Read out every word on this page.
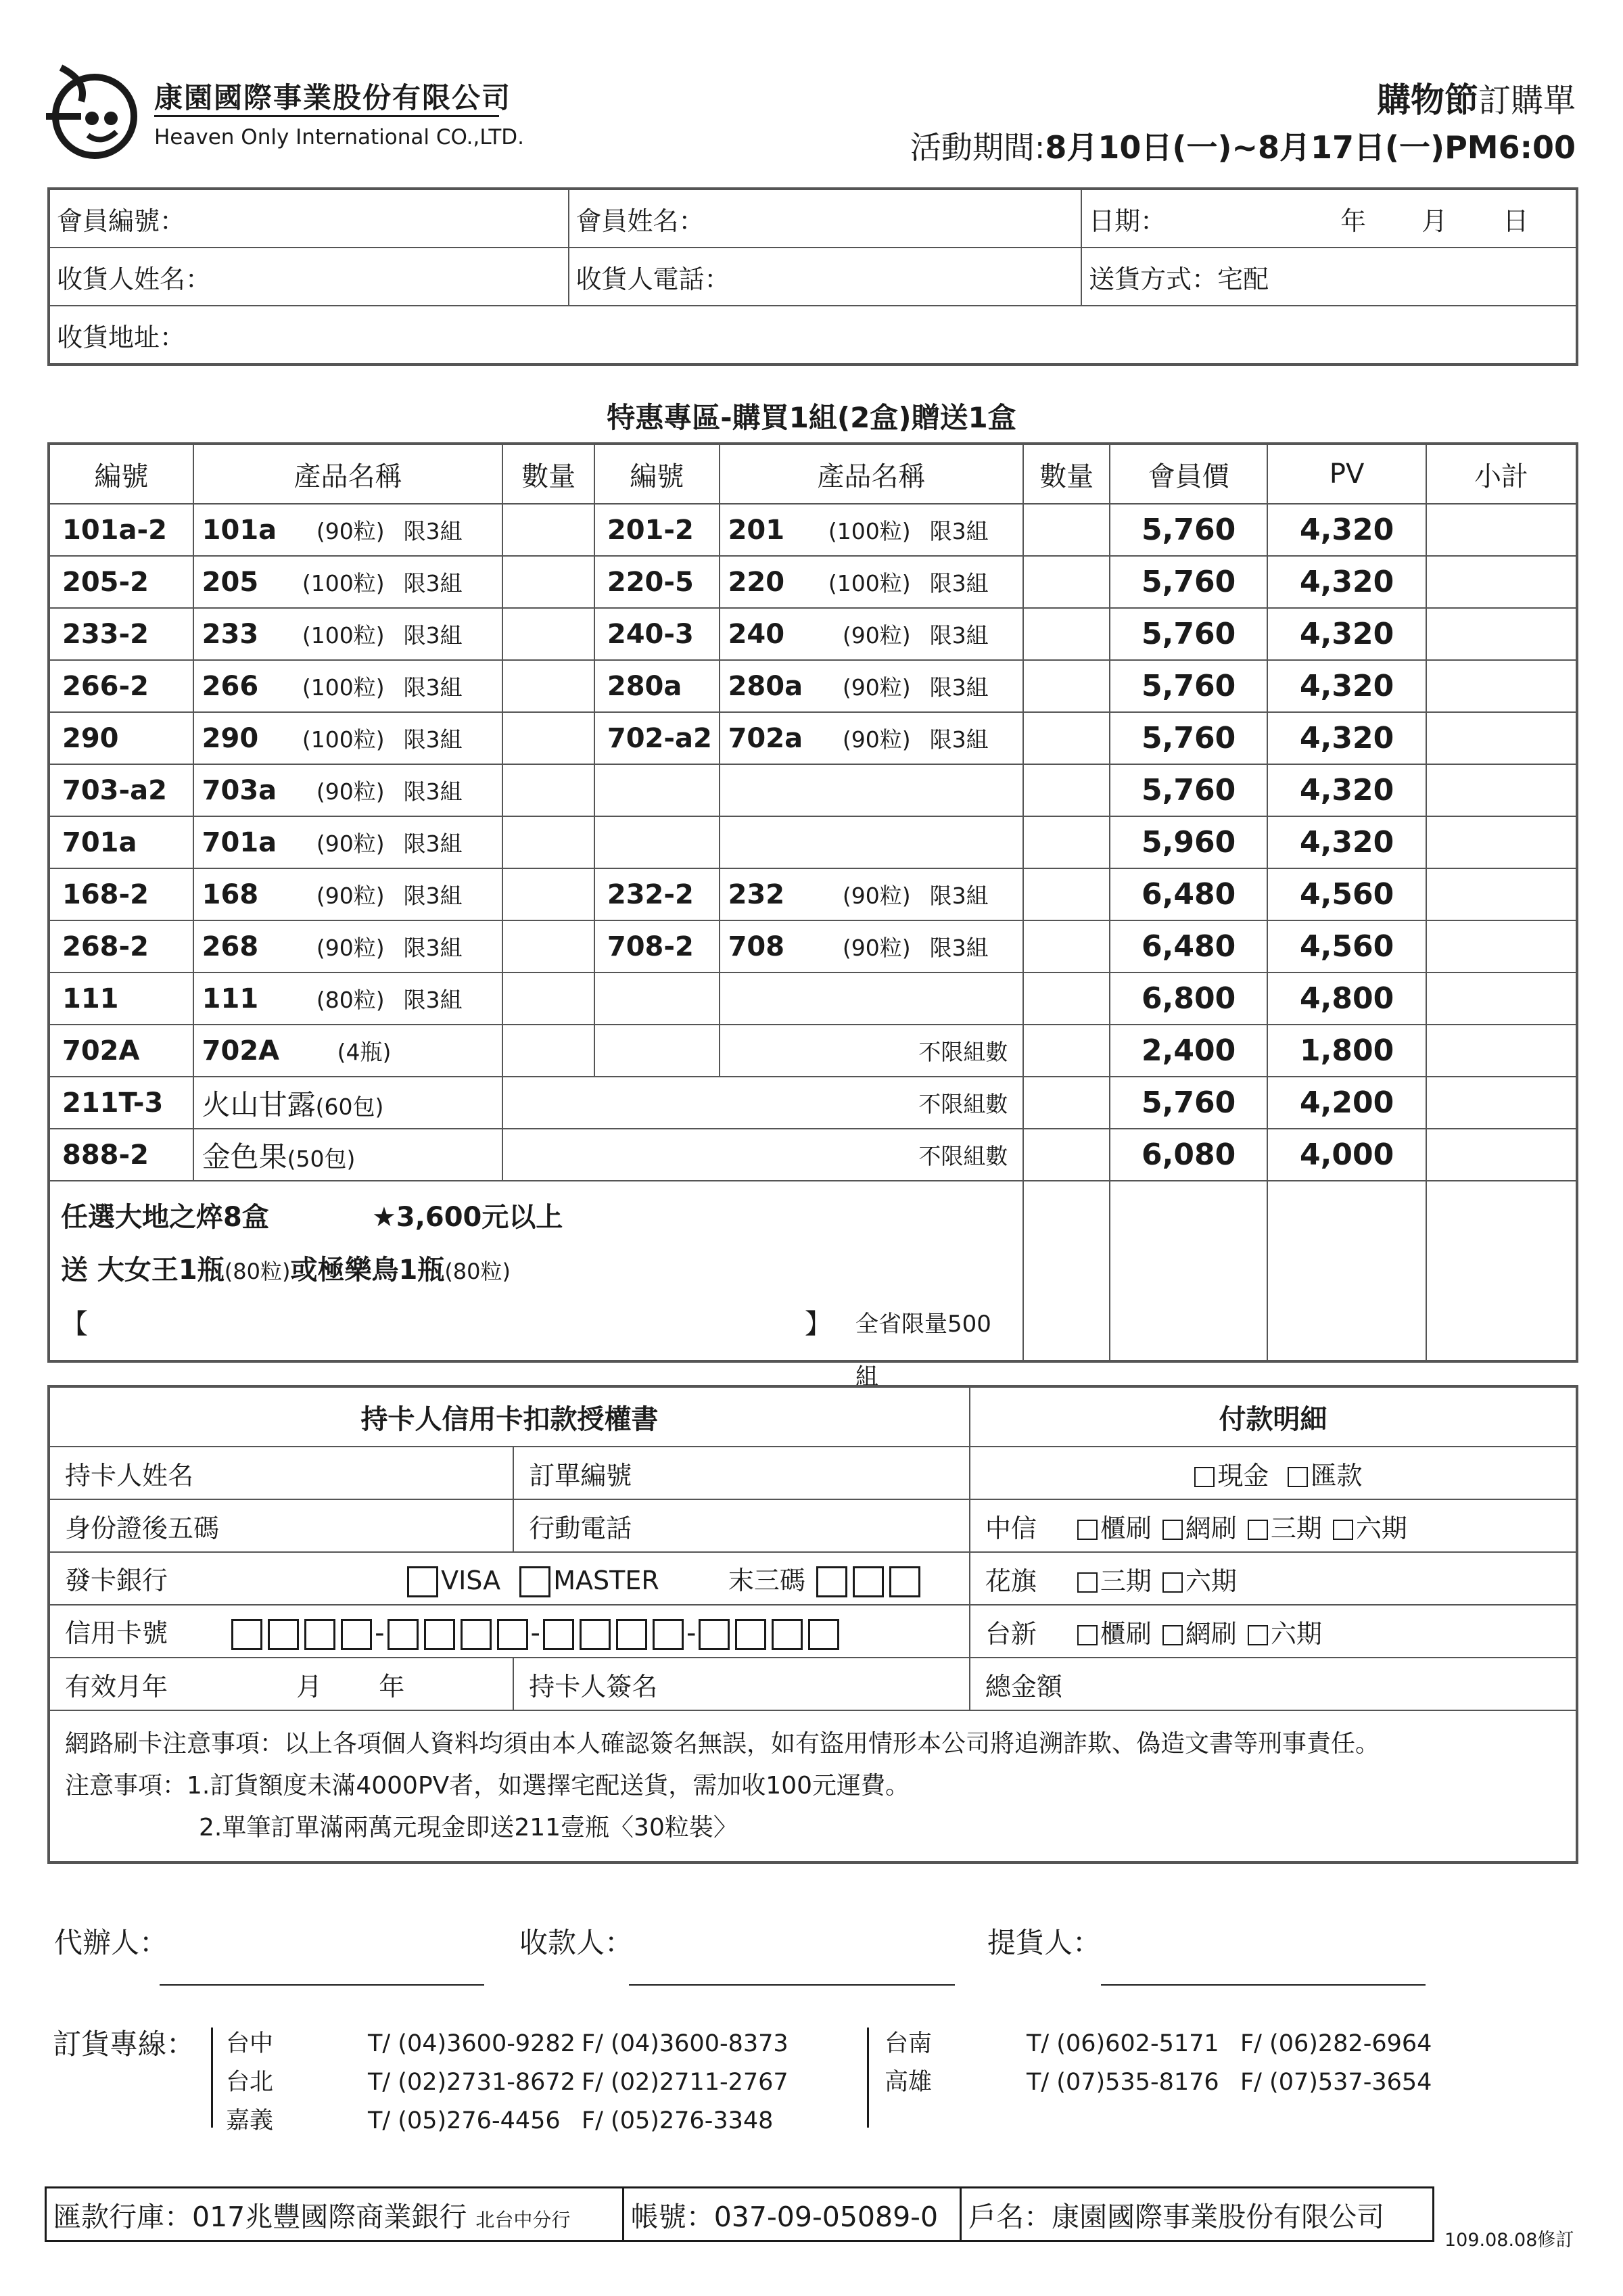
康園國際事業股份有限公司
Heaven Only International CO.,LTD.
購物節訂購單
活動期間:8月10日(一)~8月17日(一)PM6:00
會員編號：	會員姓名：	日期： 年 月 日
收貨人姓名：	收貨人電話：	送貨方式：宅配
收貨地址：		
特惠專區-購買1組(2盒)贈送1盒
編號	產品名稱	數量	編號	產品名稱	數量	會員價	PV	小計
101a-2	101a (90粒) 限3組		201-2	201 (100粒) 限3組		5,760	4,320	
205-2	205 (100粒) 限3組		220-5	220 (100粒) 限3組		5,760	4,320	
233-2	233 (100粒) 限3組		240-3	240 (90粒) 限3組		5,760	4,320	
266-2	266 (100粒) 限3組		280a	280a (90粒) 限3組		5,760	4,320	
290	290 (100粒) 限3組		702-a2	702a (90粒) 限3組		5,760	4,320	
703-a2	703a (90粒) 限3組					5,760	4,320	
701a	701a (90粒) 限3組					5,960	4,320	
168-2	168 (90粒) 限3組		232-2	232 (90粒) 限3組		6,480	4,560	
268-2	268 (90粒) 限3組		708-2	708 (90粒) 限3組		6,480	4,560	
111	111 (80粒) 限3組					6,800	4,800	
702A	702A (4瓶)			不限組數		2,400	1,800	
211T-3	火山甘露(60包)	不限組數				5,760	4,200	
888-2	金色果(50包)	不限組數				6,080	4,000	

任選大地之焠8盒 ★3,600元以上
送 大女王1瓶(80粒)或極樂鳥1瓶(80粒)
【 】 全省限量500組								

持卡人信用卡扣款授權書		付款明細
持卡人姓名	訂單編號	現金 匯款
身份證後五碼	行動電話	中信 櫃刷 網刷 三期 六期
發卡銀行 VISA MASTER 末三碼		花旗 三期 六期
信用卡號 - - -		台新 櫃刷 網刷 六期
有效月年 月 年	持卡人簽名	總金額

網路刷卡注意事項：以上各項個人資料均須由本人確認簽名無誤，如有盜用情形本公司將追溯詐欺、偽造文書等刑事責任。
注意事項：1.訂貨額度未滿4000PV者，如選擇宅配送貨，需加收100元運費。
2.單筆訂單滿兩萬元現金即送211壹瓶〈30粒裝〉		
代辦人：	收款人：	提貨人：
訂貨專線： 台中	T/ (04)3600-9282 F/ (04)3600-8373
台北	T/ (02)2731-8672 F/ (02)2711-2767
嘉義	T/ (05)276-4456 F/ (05)276-3348
台南	T/ (06)602-5171 F/ (06)282-6964
高雄	T/ (07)535-8176 F/ (07)537-3654
匯款行庫：017兆豐國際商業銀行 北台中分行	帳號：037-09-05089-0	戶名：康園國際事業股份有限公司
109.08.08修訂
